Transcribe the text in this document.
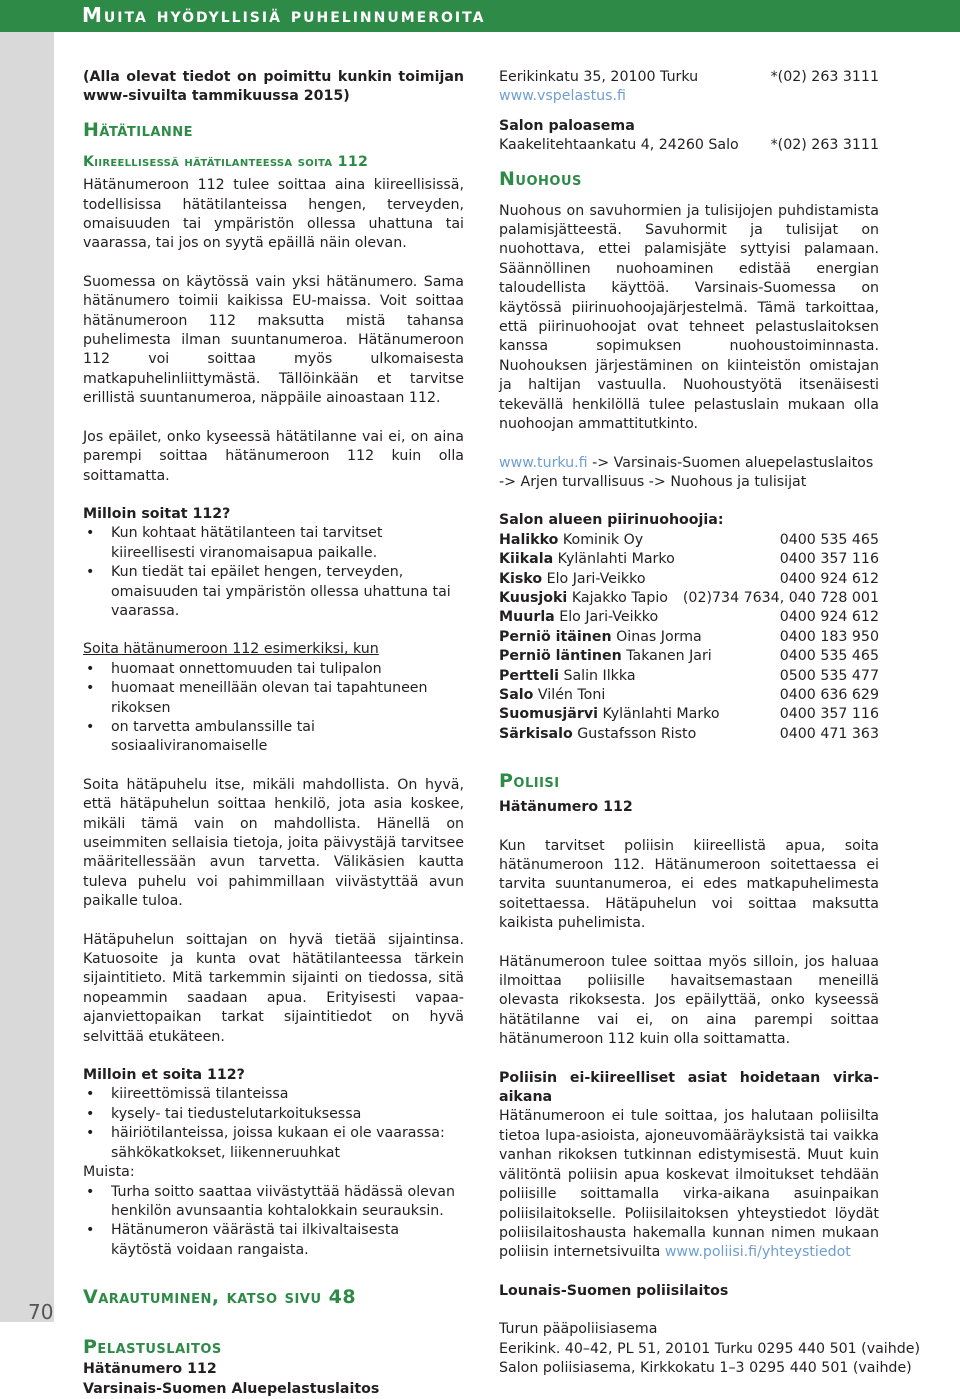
Muita hyödyllisiä puhelinnumeroita
70

(Alla olevat tiedot on poimittu kunkin toimijan www-sivuilta tammikuussa 2015)

Hätätilanne
Kiireellisessä hätätilanteessa soita 112

Hätänumeroon 112 tulee soittaa aina kiireellisissä, todellisissa hätätilanteissa hengen, terveyden, omaisuuden tai ympäristön ollessa uhattuna tai vaarassa, tai jos on syytä epäillä näin olevan.

Suomessa on käytössä vain yksi hätänumero. Sama hätänumero toimii kaikissa EU-maissa. Voit soittaa hätänumeroon 112 maksutta mistä tahansa puhelimesta ilman suuntanumeroa. Hätänumeroon 112 voi soittaa myös ulkomaisesta matkapuhelinliittymästä. Tällöinkään et tarvitse erillistä suuntanumeroa, näppäile ainoastaan 112.

Jos epäilet, onko kyseessä hätätilanne vai ei, on aina parempi soittaa hätänumeroon 112 kuin olla soittamatta.

Milloin soitat 112?

• Kun kohtaat hätätilanteen tai tarvitset kiireellisesti viranomaisapua paikalle.
• Kun tiedät tai epäilet hengen, terveyden, omaisuuden tai ympäristön ollessa uhattuna tai vaarassa.

Soita hätänumeroon 112 esimerkiksi, kun

• huomaat onnettomuuden tai tulipalon
• huomaat meneillään olevan tai tapahtuneen rikoksen
• on tarvetta ambulanssille tai sosiaaliviranomaiselle

Soita hätäpuhelu itse, mikäli mahdollista. On hyvä, että hätäpuhelun soittaa henkilö, jota asia koskee, mikäli tämä vain on mahdollista. Hänellä on useimmiten sellaisia tietoja, joita päivystäjä tarvitsee määritellessään avun tarvetta. Välikäsien kautta tuleva puhelu voi pahimmillaan viivästyttää avun paikalle tuloa.

Hätäpuhelun soittajan on hyvä tietää sijaintinsa. Katuosoite ja kunta ovat hätätilanteessa tärkein sijaintitieto. Mitä tarkemmin sijainti on tiedossa, sitä nopeammin saadaan apua. Erityisesti vapaa-ajanviettopaikan tarkat sijaintitiedot on hyvä selvittää etukäteen.

Milloin et soita 112?

• kiireettömissä tilanteissa
• kysely- tai tiedustelutarkoituksessa
• häiriötilanteissa, joissa kukaan ei ole vaarassa: sähkökatkokset, liikenneruuhkat

Muista:

• Turha soitto saattaa viivästyttää hädässä olevan henkilön avunsaantia kohtalokkain seurauksin.
• Hätänumeron väärästä tai ilkivaltaisesta käytöstä voidaan rangaista.
Varautuminen, katso sivu 48
Pelastuslaitos

Hätänumero 112

Varsinais-Suomen Aluepelastuslaitos

Eerikinkatu 35, 20100 Turku	*(02) 263 3111

www.vspelastus.fi

Salon paloasema

Kaakelitehtaankatu 4, 24260 Salo *(02) 263 3111
Nuohous

Nuohous on savuhormien ja tulisijojen puhdistamista palamisjätteestä. Savuhormit ja tulisijat on nuohottava, ettei palamisjäte syttyisi palamaan. Säännöllinen nuohoaminen edistää energian taloudellista käyttöä. Varsinais-Suomessa on käytössä piirinuohoojajärjestelmä. Tämä tarkoittaa, että piirinuohoojat ovat tehneet pelastuslaitoksen kanssa sopimuksen nuohoustoiminnasta. Nuohouksen järjestäminen on kiinteistön omistajan ja haltijan vastuulla. Nuohoustyötä itsenäisesti tekevällä henkilöllä tulee pelastuslain mukaan olla nuohoojan ammattitutkinto.

www.turku.fi -> Varsinais-Suomen aluepelastuslaitos -> Arjen turvallisuus -> Nuohous ja tulisijat

Salon alueen piirinuohoojia:

Halikko Kominik Oy	0400 535 465
Kiikala Kylänlahti Marko	0400 357 116
Kisko Elo Jari-Veikko	0400 924 612
Kuusjoki Kajakko Tapio (02)734 7634, 040 728 001
Muurla Elo Jari-Veikko	0400 924 612
Perniö itäinen Oinas Jorma	0400 183 950
Perniö läntinen Takanen Jari	0400 535 465
Pertteli Salin Ilkka	0500 535 477
Salo Vilén Toni	0400 636 629
Suomusjärvi Kylänlahti Marko	0400 357 116
Särkisalo Gustafsson Risto	0400 471 363
Poliisi

Hätänumero 112

Kun tarvitset poliisin kiireellistä apua, soita hätänumeroon 112. Hätänumeroon soitettaessa ei tarvita suuntanumeroa, ei edes matkapuhelimesta soitettaessa. Hätäpuhelun voi soittaa maksutta kaikista puhelimista.

Hätänumeroon tulee soittaa myös silloin, jos haluaa ilmoittaa poliisille havaitsemastaan meneillä olevasta rikoksesta. Jos epäilyttää, onko kyseessä hätätilanne vai ei, on aina parempi soittaa hätänumeroon 112 kuin olla soittamatta.

Poliisin ei-kiireelliset asiat hoidetaan virka-aikana

Hätänumeroon ei tule soittaa, jos halutaan poliisilta tietoa lupa-asioista, ajoneuvomääräyksistä tai vaikka vanhan rikoksen tutkinnan edistymisestä. Muut kuin välitöntä poliisin apua koskevat ilmoitukset tehdään poliisille soittamalla virka-aikana asuinpaikan poliisilaitokselle. Poliisilaitoksen yhteystiedot löydät poliisilaitoshausta hakemalla kunnan nimen mukaan poliisin internetsivuilta www.poliisi.fi/yhteystiedot

Lounais-Suomen poliisilaitos

Turun pääpoliisiasema

Eerikink. 40–42, PL 51, 20101 Turku 0295 440 501 (vaihde)

Salon poliisiasema, Kirkkokatu 1–3 0295 440 501 (vaihde)
